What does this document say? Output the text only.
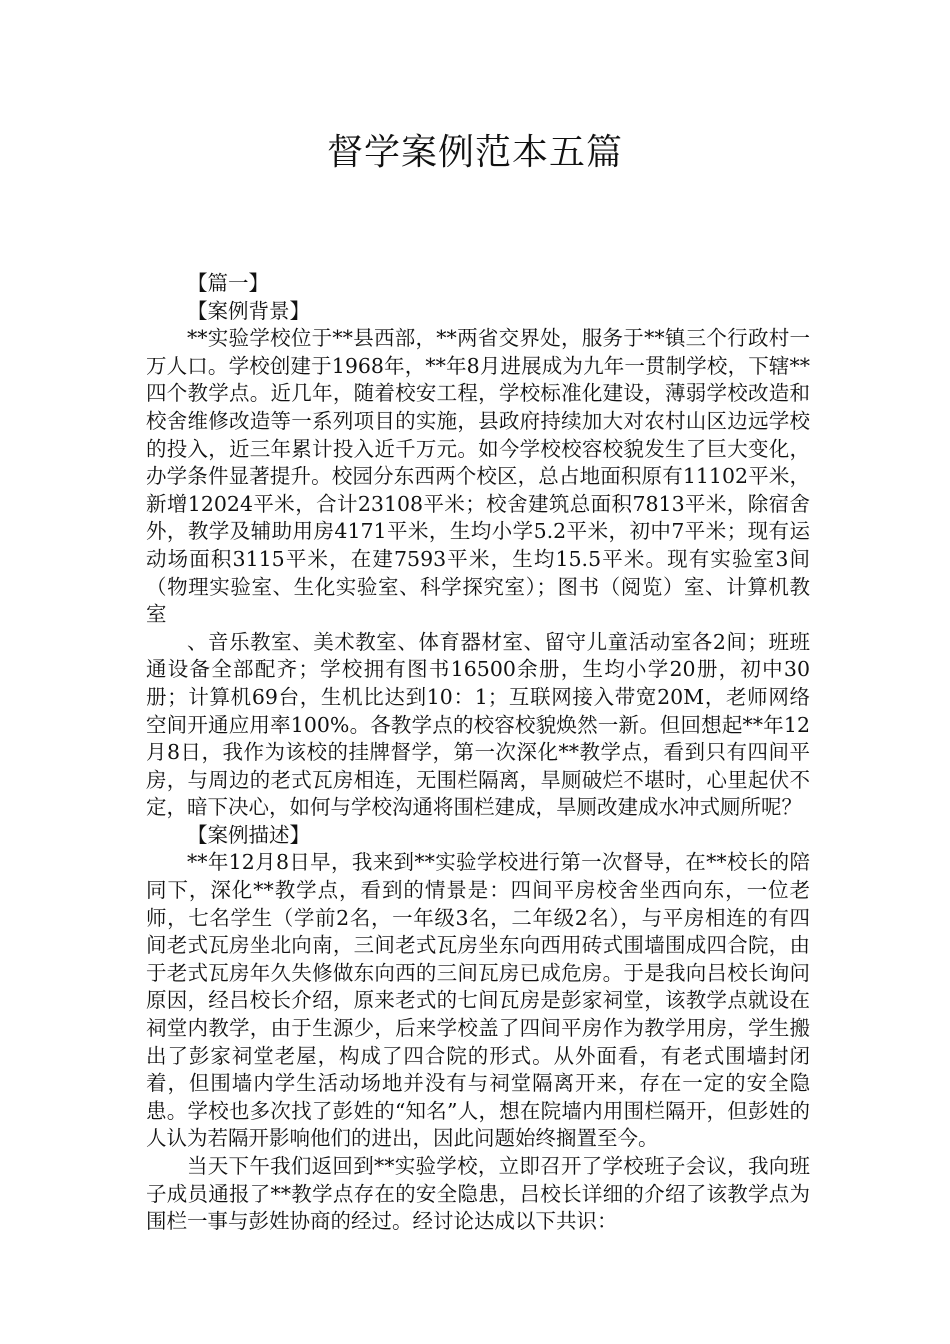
督学案例范本五篇

【篇一】

【案例背景】

**实验学校位于**县西部，**两省交界处，服务于**镇三个行政村一万人口。学校创建于1968年，**年8月进展成为九年一贯制学校，下辖**四个教学点。近几年，随着校安工程，学校标准化建设，薄弱学校改造和校舍维修改造等一系列项目的实施，县政府持续加大对农村山区边远学校的投入，近三年累计投入近千万元。如今学校校容校貌发生了巨大变化，办学条件显著提升。校园分东西两个校区，总占地面积原有11102平米，新增12024平米，合计23108平米；校舍建筑总面积7813平米，除宿舍外，教学及辅助用房4171平米，生均小学5.2平米，初中7平米；现有运动场面积3115平米，在建7593平米，生均15.5平米。现有实验室3间（物理实验室、生化实验室、科学探究室）；图书（阅览）室、计算机教室

、音乐教室、美术教室、体育器材室、留守儿童活动室各2间；班班通设备全部配齐；学校拥有图书16500余册，生均小学20册，初中30册；计算机69台，生机比达到10：1；互联网接入带宽20M，老师网络空间开通应用率100%。各教学点的校容校貌焕然一新。但回想起**年12月8日，我作为该校的挂牌督学，第一次深化**教学点，看到只有四间平房，与周边的老式瓦房相连，无围栏隔离，旱厕破烂不堪时，心里起伏不定，暗下决心，如何与学校沟通将围栏建成，旱厕改建成水冲式厕所呢？

【案例描述】

**年12月8日早，我来到**实验学校进行第一次督导，在**校长的陪同下，深化**教学点，看到的情景是：四间平房校舍坐西向东，一位老师，七名学生（学前2名，一年级3名，二年级2名），与平房相连的有四间老式瓦房坐北向南，三间老式瓦房坐东向西用砖式围墙围成四合院，由于老式瓦房年久失修做东向西的三间瓦房已成危房。于是我向吕校长询问原因，经吕校长介绍，原来老式的七间瓦房是彭家祠堂，该教学点就设在祠堂内教学，由于生源少，后来学校盖了四间平房作为教学用房，学生搬出了彭家祠堂老屋，构成了四合院的形式。从外面看，有老式围墙封闭着，但围墙内学生活动场地并没有与祠堂隔离开来，存在一定的安全隐患。学校也多次找了彭姓的“知名”人，想在院墙内用围栏隔开，但彭姓的人认为若隔开影响他们的进出，因此问题始终搁置至今。

当天下午我们返回到**实验学校，立即召开了学校班子会议，我向班子成员通报了**教学点存在的安全隐患，吕校长详细的介绍了该教学点为围栏一事与彭姓协商的经过。经讨论达成以下共识：
